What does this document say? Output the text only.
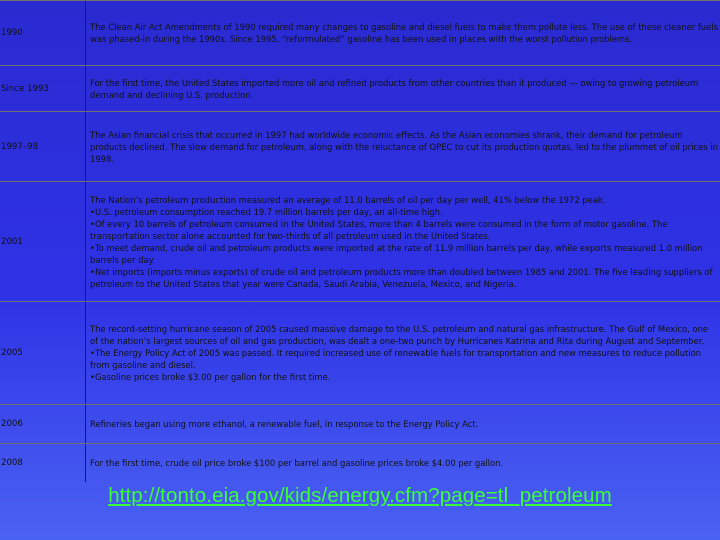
1990

The Clean Air Act Amendments of 1990 required many changes to gasoline and diesel fuels to make them pollute less. The use of these cleaner fuels was phased-in during the 1990s. Since 1995, “reformulated” gasoline has been used in places with the worst pollution problems.

Since 1993

For the first time, the United States imported more oil and refined products from other countries than it produced — owing to growing petroleum demand and declining U.S. production.

1997–98

The Asian financial crisis that occurred in 1997 had worldwide economic effects. As the Asian economies shrank, their demand for petroleum products declined. The slow demand for petroleum, along with the reluctance of OPEC to cut its production quotas, led to the plummet of oil prices in 1998.

2001

The Nation’s petroleum production measured an average of 11.0 barrels of oil per day per well, 41% below the 1972 peak.

•U.S. petroleum consumption reached 19.7 million barrels per day, an all-time high.

•Of every 10 barrels of petroleum consumed in the United States, more than 4 barrels were consumed in the form of motor gasoline. The transportation sector alone accounted for two-thirds of all petroleum used in the United States.

•To meet demand, crude oil and petroleum products were imported at the rate of 11.9 million barrels per day, while exports measured 1.0 million barrels per day.

•Net imports (imports minus exports) of crude oil and petroleum products more than doubled between 1985 and 2001. The five leading suppliers of petroleum to the United States that year were Canada, Saudi Arabia, Venezuela, Mexico, and Nigeria.

2005

The record-setting hurricane season of 2005 caused massive damage to the U.S. petroleum and natural gas infrastructure. The Gulf of Mexico, one of the nation’s largest sources of oil and gas production, was dealt a one-two punch by Hurricanes Katrina and Rita during August and September.

•The Energy Policy Act of 2005 was passed. It required increased use of renewable fuels for transportation and new measures to reduce pollution from gasoline and diesel.

•Gasoline prices broke $3.00 per gallon for the first time.

2006	Refineries began using more ethanol, a renewable fuel, in response to the Energy Policy Act.

2008	For the first time, crude oil price broke $100 per barrel and gasoline prices broke $4.00 per gallon.

http://tonto.eia.gov/kids/energy.cfm?page=tl_petroleum
